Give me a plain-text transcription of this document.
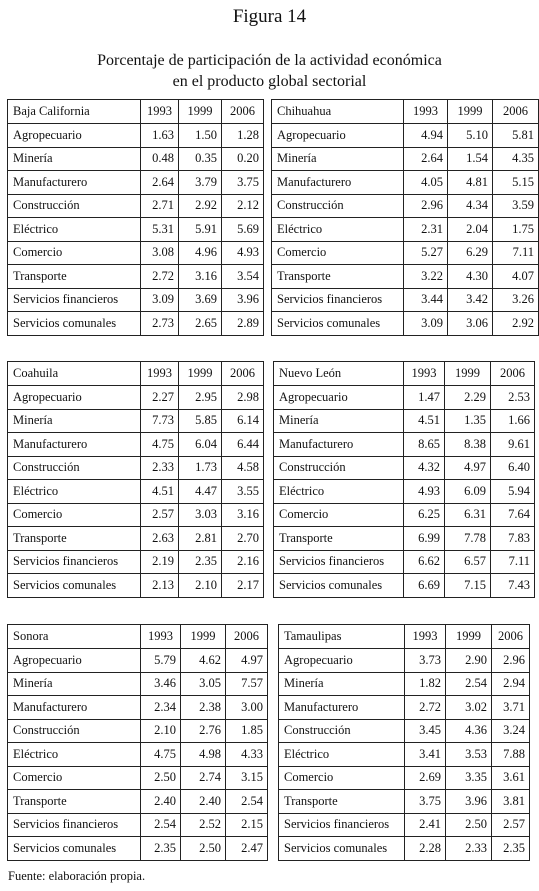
Figura 14
Porcentaje de participación de la actividad económica
en el producto global sectorial
Baja California	1993	1999	2006
Agropecuario	1.63	1.50	1.28
Minería	0.48	0.35	0.20
Manufacturero	2.64	3.79	3.75
Construcción	2.71	2.92	2.12
Eléctrico	5.31	5.91	5.69
Comercio	3.08	4.96	4.93
Transporte	2.72	3.16	3.54
Servicios financieros	3.09	3.69	3.96
Servicios comunales	2.73	2.65	2.89
Chihuahua	1993	1999	2006
Agropecuario	4.94	5.10	5.81
Minería	2.64	1.54	4.35
Manufacturero	4.05	4.81	5.15
Construcción	2.96	4.34	3.59
Eléctrico	2.31	2.04	1.75
Comercio	5.27	6.29	7.11
Transporte	3.22	4.30	4.07
Servicios financieros	3.44	3.42	3.26
Servicios comunales	3.09	3.06	2.92
Coahuila	1993	1999	2006
Agropecuario	2.27	2.95	2.98
Minería	7.73	5.85	6.14
Manufacturero	4.75	6.04	6.44
Construcción	2.33	1.73	4.58
Eléctrico	4.51	4.47	3.55
Comercio	2.57	3.03	3.16
Transporte	2.63	2.81	2.70
Servicios financieros	2.19	2.35	2.16
Servicios comunales	2.13	2.10	2.17
Nuevo León	1993	1999	2006
Agropecuario	1.47	2.29	2.53
Minería	4.51	1.35	1.66
Manufacturero	8.65	8.38	9.61
Construcción	4.32	4.97	6.40
Eléctrico	4.93	6.09	5.94
Comercio	6.25	6.31	7.64
Transporte	6.99	7.78	7.83
Servicios financieros	6.62	6.57	7.11
Servicios comunales	6.69	7.15	7.43
Sonora	1993	1999	2006
Agropecuario	5.79	4.62	4.97
Minería	3.46	3.05	7.57
Manufacturero	2.34	2.38	3.00
Construcción	2.10	2.76	1.85
Eléctrico	4.75	4.98	4.33
Comercio	2.50	2.74	3.15
Transporte	2.40	2.40	2.54
Servicios financieros	2.54	2.52	2.15
Servicios comunales	2.35	2.50	2.47
Tamaulipas	1993	1999	2006
Agropecuario	3.73	2.90	2.96
Minería	1.82	2.54	2.94
Manufacturero	2.72	3.02	3.71
Construcción	3.45	4.36	3.24
Eléctrico	3.41	3.53	7.88
Comercio	2.69	3.35	3.61
Transporte	3.75	3.96	3.81
Servicios financieros	2.41	2.50	2.57
Servicios comunales	2.28	2.33	2.35
Fuente: elaboración propia.
